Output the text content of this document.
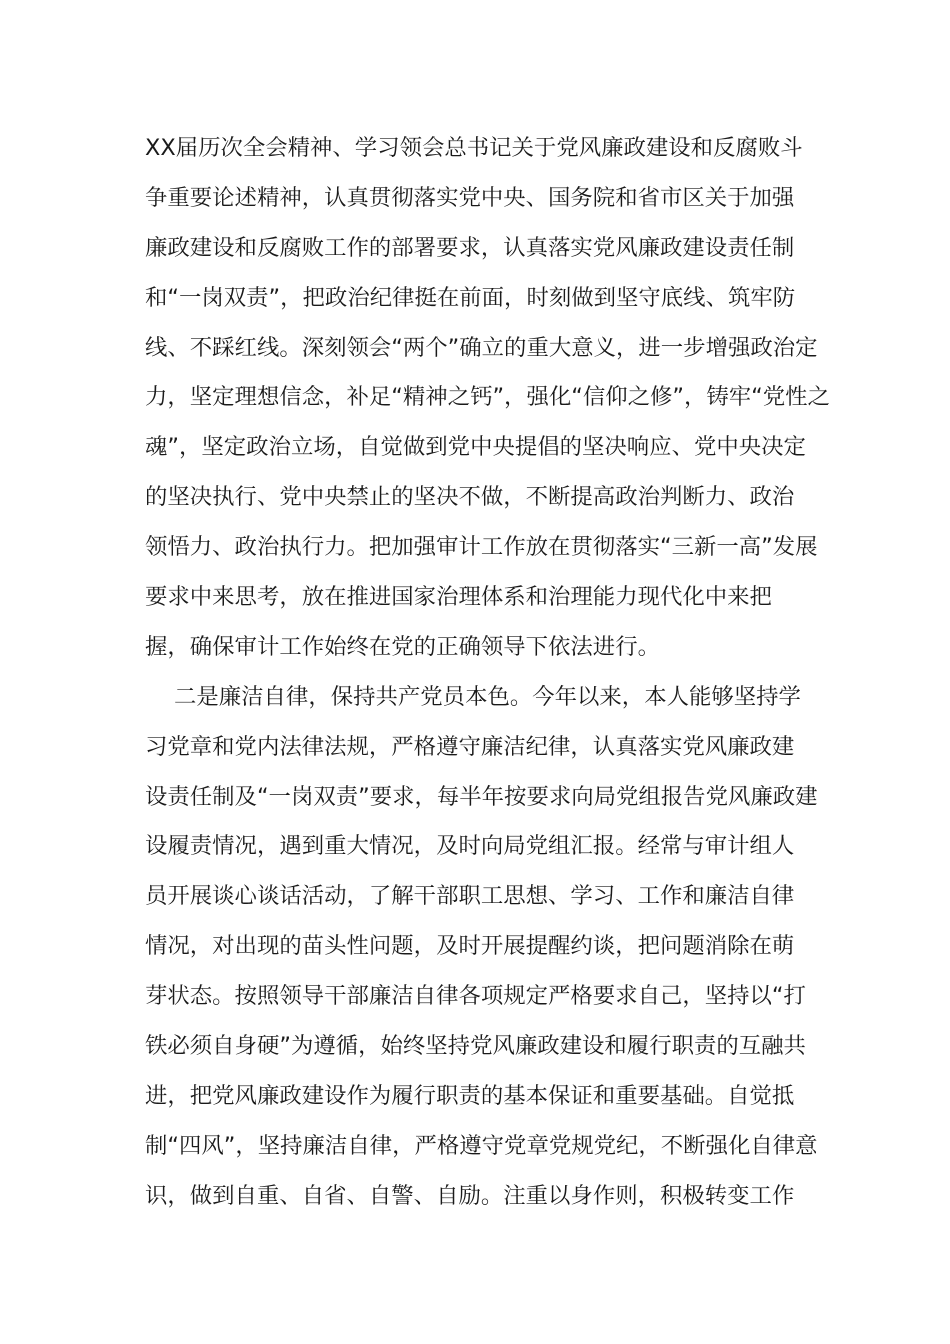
XX届历次全会精神、学习领会总书记关于党风廉政建设和反腐败斗
争重要论述精神，认真贯彻落实党中央、国务院和省市区关于加强
廉政建设和反腐败工作的部署要求，认真落实党风廉政建设责任制
和“一岗双责”，把政治纪律挺在前面，时刻做到坚守底线、筑牢防
线、不踩红线。深刻领会“两个”确立的重大意义，进一步增强政治定
力，坚定理想信念，补足“精神之钙”，强化“信仰之修”，铸牢“党性之
魂”，坚定政治立场，自觉做到党中央提倡的坚决响应、党中央决定
的坚决执行、党中央禁止的坚决不做，不断提高政治判断力、政治
领悟力、政治执行力。把加强审计工作放在贯彻落实“三新一高”发展
要求中来思考，放在推进国家治理体系和治理能力现代化中来把
握，确保审计工作始终在党的正确领导下依法进行。
二是廉洁自律，保持共产党员本色。今年以来，本人能够坚持学
习党章和党内法律法规，严格遵守廉洁纪律，认真落实党风廉政建
设责任制及“一岗双责”要求，每半年按要求向局党组报告党风廉政建
设履责情况，遇到重大情况，及时向局党组汇报。经常与审计组人
员开展谈心谈话活动，了解干部职工思想、学习、工作和廉洁自律
情况，对出现的苗头性问题，及时开展提醒约谈，把问题消除在萌
芽状态。按照领导干部廉洁自律各项规定严格要求自己，坚持以“打
铁必须自身硬”为遵循，始终坚持党风廉政建设和履行职责的互融共
进，把党风廉政建设作为履行职责的基本保证和重要基础。自觉抵
制“四风”，坚持廉洁自律，严格遵守党章党规党纪，不断强化自律意
识，做到自重、自省、自警、自励。注重以身作则，积极转变工作
